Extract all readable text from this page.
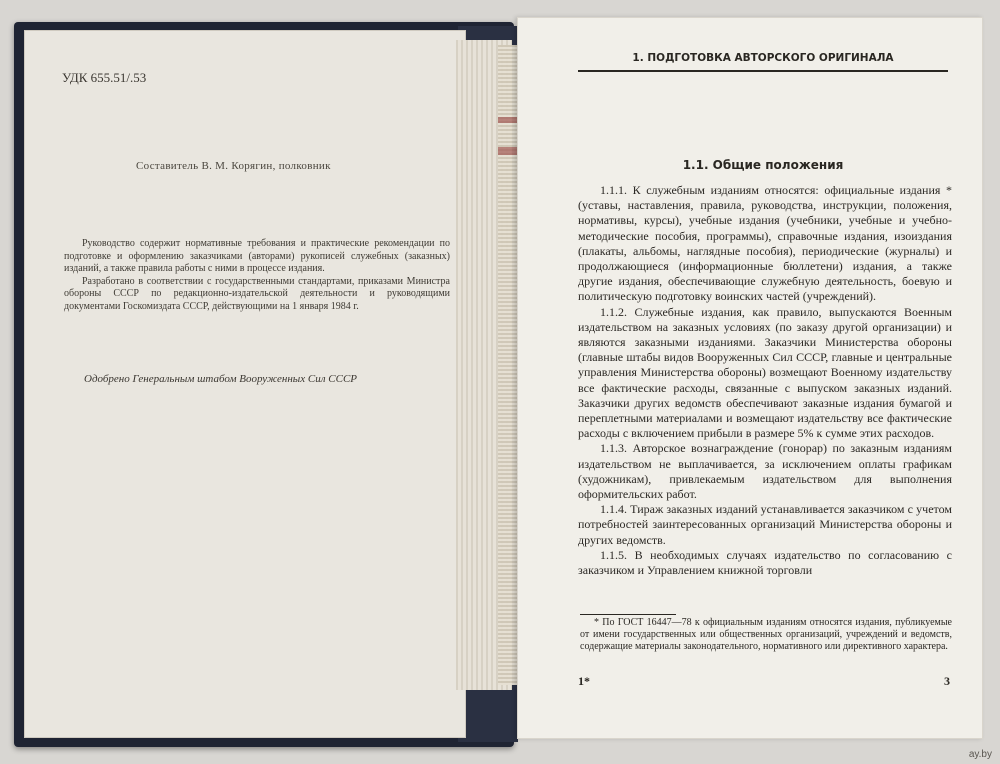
УДК 655.51/.53
Составитель В. М. Корягин, полковник

Руководство содержит нормативные требования и практические рекомендации по подготовке и оформлению заказчиками (авторами) рукописей служебных (заказных) изданий, а также правила работы с ними в процессе издания.

Разработано в соответствии с государственными стандартами, приказами Министра обороны СССР по редакционно-издательской деятельности и руководящими документами Госкомиздата СССР, действующими на 1 января 1984 г.

Одобрено Генеральным штабом Вооруженных Сил СССР
1. ПОДГОТОВКА АВТОРСКОГО ОРИГИНАЛА
1.1. Общие положения

1.1.1. К служебным изданиям относятся: официальные издания * (уставы, наставления, правила, руководства, инструкции, положения, нормативы, курсы), учебные издания (учебники, учебные и учебно-методические пособия, программы), справочные издания, изоиздания (плакаты, альбомы, наглядные пособия), периодические (журналы) и продолжающиеся (информационные бюллетени) издания, а также другие издания, обеспечивающие служебную деятельность, боевую и политическую подготовку воинских частей (учреждений).

1.1.2. Служебные издания, как правило, выпускаются Военным издательством на заказных условиях (по заказу другой организации) и являются заказными изданиями. Заказчики Министерства обороны (главные штабы видов Вооруженных Сил СССР, главные и центральные управления Министерства обороны) возмещают Военному издательству все фактические расходы, связанные с выпуском заказных изданий. Заказчики других ведомств обеспечивают заказные издания бумагой и переплетными материалами и возмещают издательству все фактические расходы с включением прибыли в размере 5% к сумме этих расходов.

1.1.3. Авторское вознаграждение (гонорар) по заказным изданиям издательством не выплачивается, за исключением оплаты графикам (художникам), привлекаемым издательством для выполнения оформительских работ.

1.1.4. Тираж заказных изданий устанавливается заказчиком с учетом потребностей заинтересованных организаций Министерства обороны и других ведомств.

1.1.5. В необходимых случаях издательство по согласованию с заказчиком и Управлением книжной торговли

* По ГОСТ 16447—78 к официальным изданиям относятся издания, публикуемые от имени государственных или общественных организаций, учреждений и ведомств, содержащие материалы законодательного, нормативного или директивного характера.

1*	3
ay.by
